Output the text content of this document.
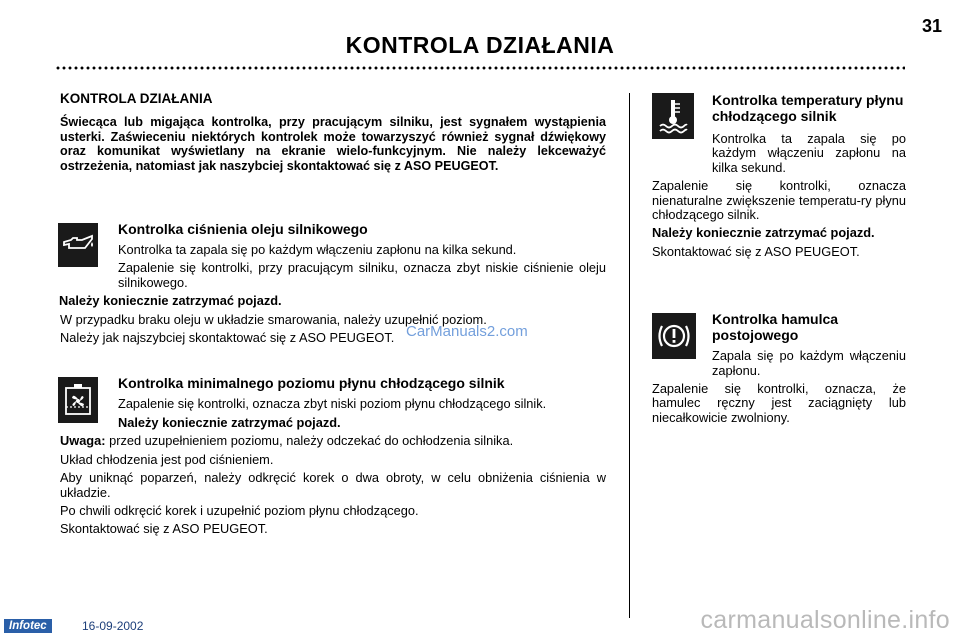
KONTROLA DZIAŁANIA
31

KONTROLA DZIAŁANIA

Świecąca lub migająca kontrolka, przy pracującym silniku, jest sygnałem wystąpienia usterki. Zaświeceniu niektórych kontrolek może towarzyszyć również sygnał dźwiękowy oraz komunikat wyświetlany na ekranie wielo-funkcyjnym. Nie należy lekceważyć ostrzeżenia, natomiast jak naszybciej skontaktować się z ASO PEUGEOT.

Kontrolka ciśnienia oleju silnikowego

Kontrolka ta zapala się po każdym włączeniu zapłonu na kilka sekund.

Zapalenie się kontrolki, przy pracującym silniku, oznacza zbyt niskie ciśnienie oleju silnikowego.

Należy koniecznie zatrzymać pojazd.

W przypadku braku oleju w układzie smarowania, należy uzupełnić poziom.

Należy jak najszybciej skontaktować się z ASO PEUGEOT.

Kontrolka minimalnego poziomu płynu chłodzącego silnik

Zapalenie się kontrolki, oznacza zbyt niski poziom płynu chłodzącego silnik.

Należy koniecznie zatrzymać pojazd.

Uwaga: przed uzupełnieniem poziomu, należy odczekać do ochłodzenia silnika.

Układ chłodzenia jest pod ciśnieniem.

Aby uniknąć poparzeń, należy odkręcić korek o dwa obroty, w celu obniżenia ciśnienia w układzie.

Po chwili odkręcić korek i uzupełnić poziom płynu chłodzącego.

Skontaktować się z ASO PEUGEOT.

Kontrolka temperatury płynu chłodzącego silnik

Kontrolka ta zapala się po każdym włączeniu zapłonu na kilka sekund.

Zapalenie się kontrolki, oznacza nienaturalne zwiększenie temperatu-ry płynu chłodzącego silnik.

Należy koniecznie zatrzymać pojazd.

Skontaktować się z ASO PEUGEOT.

Kontrolka hamulca postojowego

Zapala się po każdym włączeniu zapłonu.

Zapalenie się kontrolki, oznacza, że hamulec ręczny jest zaciągnięty lub niecałkowicie zwolniony.

CarManuals2.com
Infotec	16-09-2002	carmanualsonline.info
